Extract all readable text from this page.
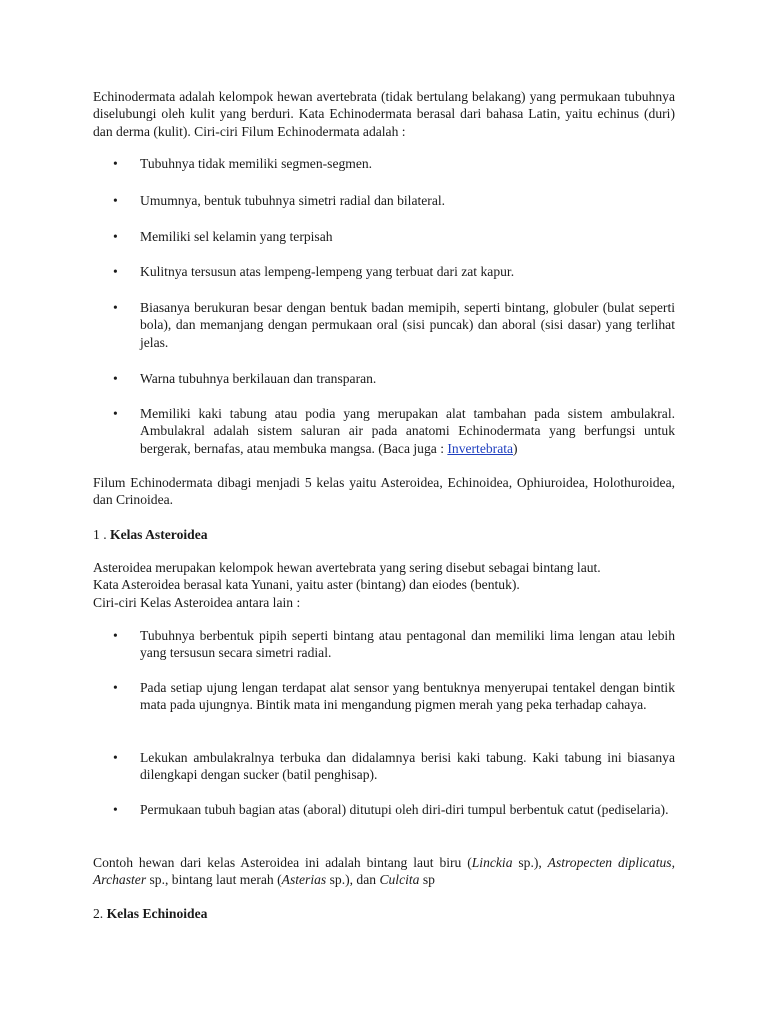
Echinodermata adalah kelompok hewan avertebrata (tidak bertulang belakang) yang permukaan tubuhnya diselubungi oleh kulit yang berduri. Kata Echinodermata berasal dari bahasa Latin, yaitu echinus (duri) dan derma (kulit). Ciri-ciri Filum Echinodermata adalah :

• Tubuhnya tidak memiliki segmen-segmen.
• Umumnya, bentuk tubuhnya simetri radial dan bilateral.
• Memiliki sel kelamin yang terpisah
• Kulitnya tersusun atas lempeng-lempeng yang terbuat dari zat kapur.
• Biasanya berukuran besar dengan bentuk badan memipih, seperti bintang, globuler (bulat seperti bola), dan memanjang dengan permukaan oral (sisi puncak) dan aboral (sisi dasar) yang terlihat jelas.
• Warna tubuhnya berkilauan dan transparan.
• Memiliki kaki tabung atau podia yang merupakan alat tambahan pada sistem ambulakral. Ambulakral adalah sistem saluran air pada anatomi Echinodermata yang berfungsi untuk bergerak, bernafas, atau membuka mangsa. (Baca juga : Invertebrata)

Filum Echinodermata dibagi menjadi 5 kelas yaitu Asteroidea, Echinoidea, Ophiuroidea, Holothuroidea, dan Crinoidea.

1 . Kelas Asteroidea

Asteroidea merupakan kelompok hewan avertebrata yang sering disebut sebagai bintang laut.
Kata Asteroidea berasal kata Yunani, yaitu aster (bintang) dan eiodes (bentuk).
Ciri-ciri Kelas Asteroidea antara lain :
• Tubuhnya berbentuk pipih seperti bintang atau pentagonal dan memiliki lima lengan atau lebih yang tersusun secara simetri radial.
• Pada setiap ujung lengan terdapat alat sensor yang bentuknya menyerupai tentakel dengan bintik mata pada ujungnya. Bintik mata ini mengandung pigmen merah yang peka terhadap cahaya.
• Lekukan ambulakralnya terbuka dan didalamnya berisi kaki tabung. Kaki tabung ini biasanya dilengkapi dengan sucker (batil penghisap).
• Permukaan tubuh bagian atas (aboral) ditutupi oleh diri-diri tumpul berbentuk catut (pediselaria).

Contoh hewan dari kelas Asteroidea ini adalah bintang laut biru (Linckia sp.), Astropecten diplicatus, Archaster sp., bintang laut merah (Asterias sp.), dan Culcita sp

2. Kelas Echinoidea
